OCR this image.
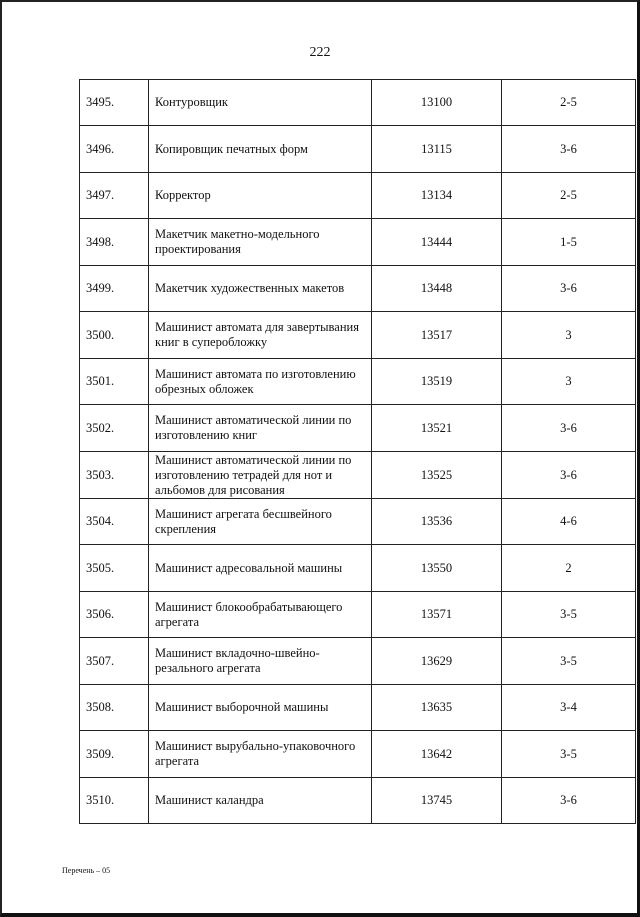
222
3495.	Контуровщик	13100	2-5
3496.	Копировщик печатных форм	13115	3-6
3497.	Корректор	13134	2-5
3498.	Макетчик макетно-модельного проектирования	13444	1-5
3499.	Макетчик художественных макетов	13448	3-6
3500.	Машинист автомата для завертывания книг в суперобложку	13517	3
3501.	Машинист автомата по изготовлению обрезных обложек	13519	3
3502.	Машинист автоматической линии по изготовлению книг	13521	3-6
3503.	Машинист автоматической линии по изготовлению тетрадей для нот и альбомов для рисования	13525	3-6
3504.	Машинист агрегата бесшвейного скрепления	13536	4-6
3505.	Машинист адресовальной машины	13550	2
3506.	Машинист блокообрабатывающего агрегата	13571	3-5
3507.	Машинист вкладочно-швейно-резального агрегата	13629	3-5
3508.	Машинист выборочной машины	13635	3-4
3509.	Машинист вырубально-упаковочного агрегата	13642	3-5
3510.	Машинист каландра	13745	3-6
Перечень – 05
